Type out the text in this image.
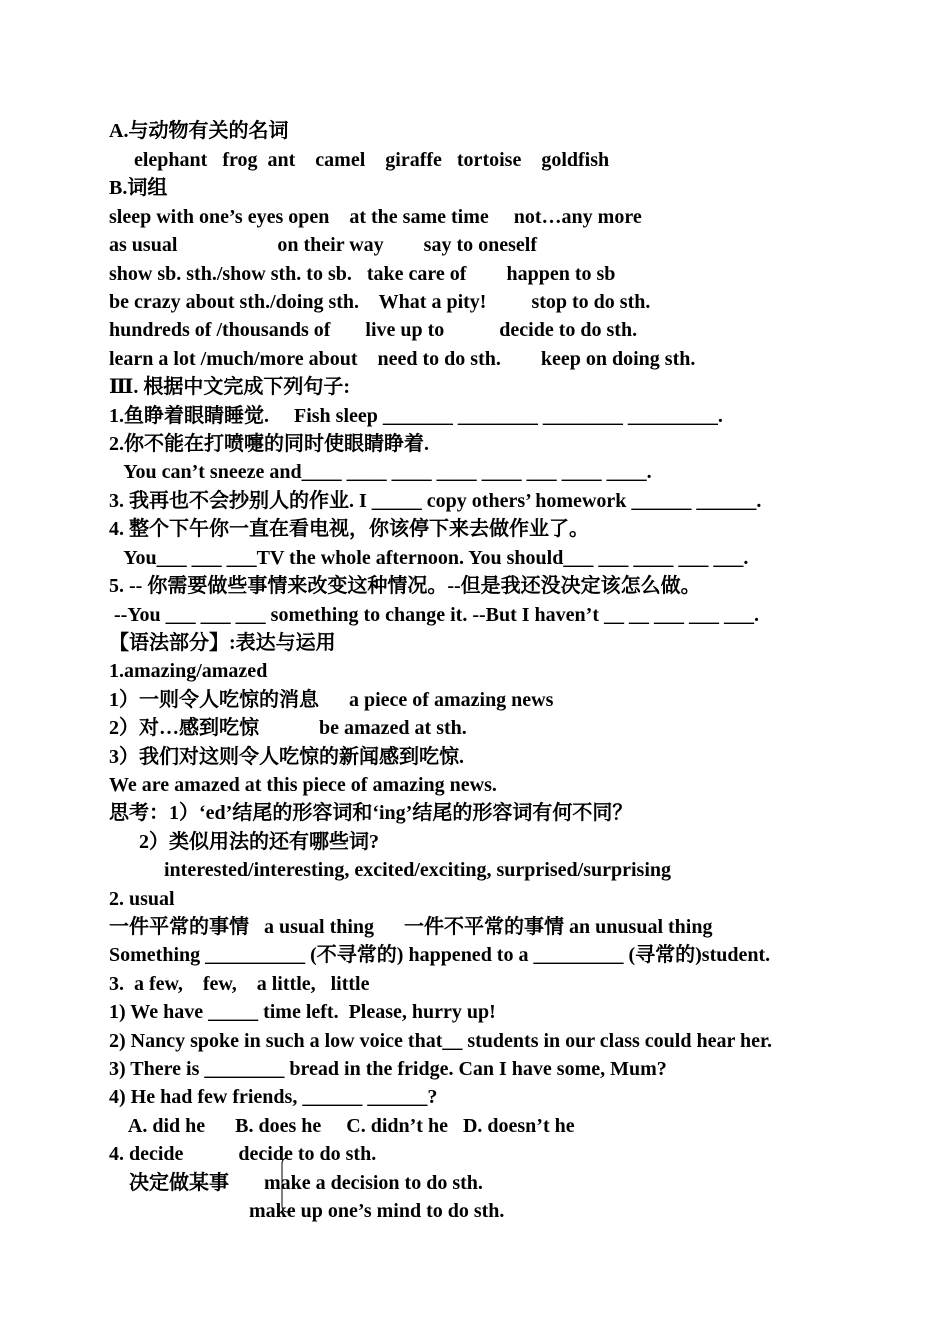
A.与动物有关的名词
elephant   frog  ant    camel    giraffe   tortoise    goldfish
B.词组
sleep with one’s eyes open    at the same time     not…any more
as usual                    on their way        say to oneself
show sb. sth./show sth. to sb.   take care of        happen to sb
be crazy about sth./doing sth.    What a pity!         stop to do sth.
hundreds of /thousands of       live up to           decide to do sth.
learn a lot /much/more about    need to do sth.        keep on doing sth.
Ⅲ. 根据中文完成下列句子:
1.鱼睁着眼睛睡觉.     Fish sleep _______ ________ ________ _________.
2.你不能在打喷嚏的同时使眼睛睁着.
You can’t sneeze and____ ____ ____ ____ ____ ___ ____ ____.
3. 我再也不会抄别人的作业. I _____ copy others’ homework ______ ______.
4. 整个下午你一直在看电视，你该停下来去做作业了。
You___ ___ ___TV the whole afternoon. You should___ ___ ____ ___ ___.
5. -- 你需要做些事情来改变这种情况。--但是我还没决定该怎么做。
--You ___ ___ ___ something to change it. --But I haven’t __ __ ___ ___ ___.
【语法部分】:表达与运用
1.amazing/amazed
1）一则令人吃惊的消息      a piece of amazing news
2）对…感到吃惊            be amazed at sth.
3）我们对这则令人吃惊的新闻感到吃惊.
We are amazed at this piece of amazing news.
思考：1）‘ed’结尾的形容词和‘ing’结尾的形容词有何不同？
2）类似用法的还有哪些词?
interested/interesting, excited/exciting, surprised/surprising
2. usual
一件平常的事情   a usual thing      一件不平常的事情 an unusual thing
Something __________ (不寻常的) happened to a _________ (寻常的)student.
3.  a few,    few,    a little,   little
1) We have _____ time left.  Please, hurry up!
2) Nancy spoke in such a low voice that__ students in our class could hear her.
3) There is ________ bread in the fridge. Can I have some, Mum?
4) He had few friends, ______ ______?
A. did he      B. does he     C. didn’t he   D. doesn’t he
4. decide           decide to do sth.
决定做某事       make a decision to do sth.
make up one’s mind to do sth.
